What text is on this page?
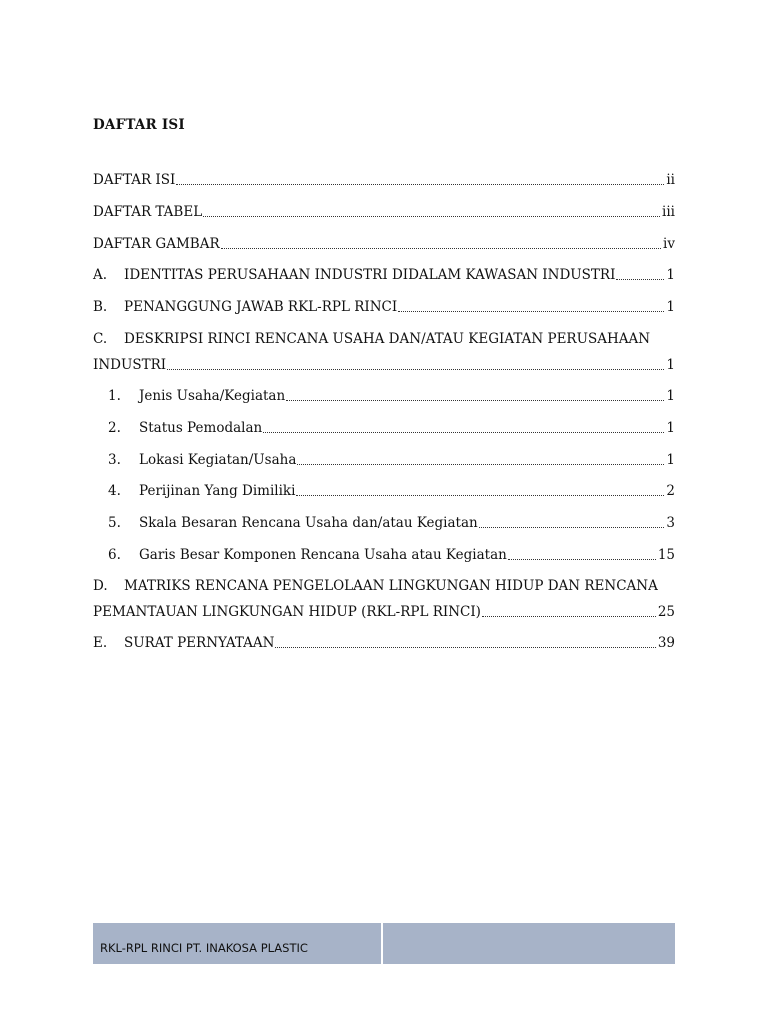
DAFTAR ISI
DAFTAR ISI	ii
DAFTAR TABEL	iii
DAFTAR GAMBAR	iv
A.	IDENTITAS PERUSAHAAN INDUSTRI DIDALAM KAWASAN INDUSTRI	1
B.	PENANGGUNG JAWAB RKL-RPL RINCI	1
C.	DESKRIPSI RINCI RENCANA USAHA DAN/ATAU KEGIATAN PERUSAHAAN
INDUSTRI	1
1.	Jenis Usaha/Kegiatan	1
2.	Status Pemodalan	1
3.	Lokasi Kegiatan/Usaha	1
4.	Perijinan Yang Dimiliki	2
5.	Skala Besaran Rencana Usaha dan/atau Kegiatan	3
6.	Garis Besar Komponen Rencana Usaha atau Kegiatan	15
D.	MATRIKS RENCANA PENGELOLAAN LINGKUNGAN HIDUP DAN RENCANA
PEMANTAUAN LINGKUNGAN HIDUP (RKL-RPL RINCI)	25
E.	SURAT PERNYATAAN	39
RKL-RPL RINCI PT. INAKOSA PLASTIC
